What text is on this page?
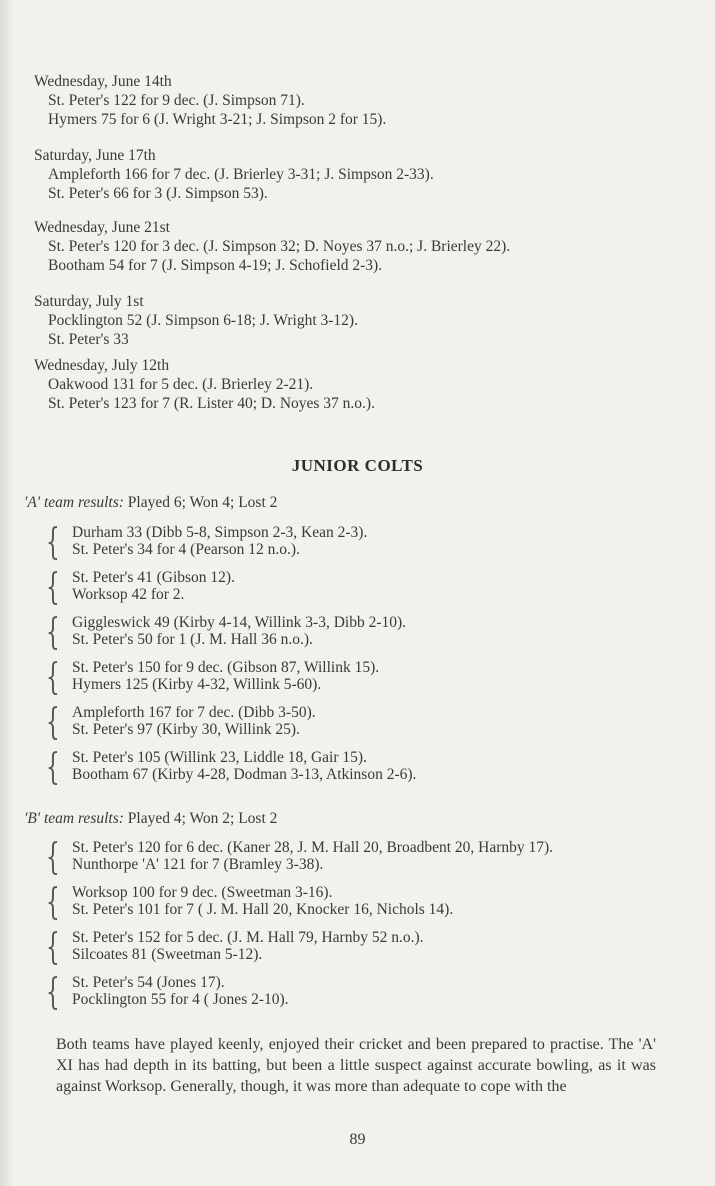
Wednesday, June 14th
St. Peter's 122 for 9 dec. (J. Simpson 71).
Hymers 75 for 6 (J. Wright 3-21; J. Simpson 2 for 15).
Saturday, June 17th
Ampleforth 166 for 7 dec. (J. Brierley 3-31; J. Simpson 2-33).
St. Peter's 66 for 3 (J. Simpson 53).
Wednesday, June 21st
St. Peter's 120 for 3 dec. (J. Simpson 32; D. Noyes 37 n.o.; J. Brierley 22).
Bootham 54 for 7 (J. Simpson 4-19; J. Schofield 2-3).
Saturday, July 1st
Pocklington 52 (J. Simpson 6-18; J. Wright 3-12).
St. Peter's 33
Wednesday, July 12th
Oakwood 131 for 5 dec. (J. Brierley 2-21).
St. Peter's 123 for 7 (R. Lister 40; D. Noyes 37 n.o.).
JUNIOR COLTS
'A' team results: Played 6; Won 4; Lost 2
{ Durham 33 (Dibb 5-8, Simpson 2-3, Kean 2-3).
St. Peter's 34 for 4 (Pearson 12 n.o.).
{ St. Peter's 41 (Gibson 12).
Worksop 42 for 2.
{ Giggleswick 49 (Kirby 4-14, Willink 3-3, Dibb 2-10).
St. Peter's 50 for 1 (J. M. Hall 36 n.o.).
{ St. Peter's 150 for 9 dec. (Gibson 87, Willink 15).
Hymers 125 (Kirby 4-32, Willink 5-60).
{ Ampleforth 167 for 7 dec. (Dibb 3-50).
St. Peter's 97 (Kirby 30, Willink 25).
{ St. Peter's 105 (Willink 23, Liddle 18, Gair 15).
Bootham 67 (Kirby 4-28, Dodman 3-13, Atkinson 2-6).
'B' team results: Played 4; Won 2; Lost 2
{ St. Peter's 120 for 6 dec. (Kaner 28, J. M. Hall 20, Broadbent 20, Harnby 17).
Nunthorpe 'A' 121 for 7 (Bramley 3-38).
{ Worksop 100 for 9 dec. (Sweetman 3-16).
St. Peter's 101 for 7 ( J. M. Hall 20, Knocker 16, Nichols 14).
{ St. Peter's 152 for 5 dec. (J. M. Hall 79, Harnby 52 n.o.).
Silcoates 81 (Sweetman 5-12).
{ St. Peter's 54 (Jones 17).
Pocklington 55 for 4 ( Jones 2-10).
Both teams have played keenly, enjoyed their cricket and been prepared to practise. The 'A' XI has had depth in its batting, but been a little suspect against accurate bowling, as it was against Worksop. Generally, though, it was more than adequate to cope with the
89
